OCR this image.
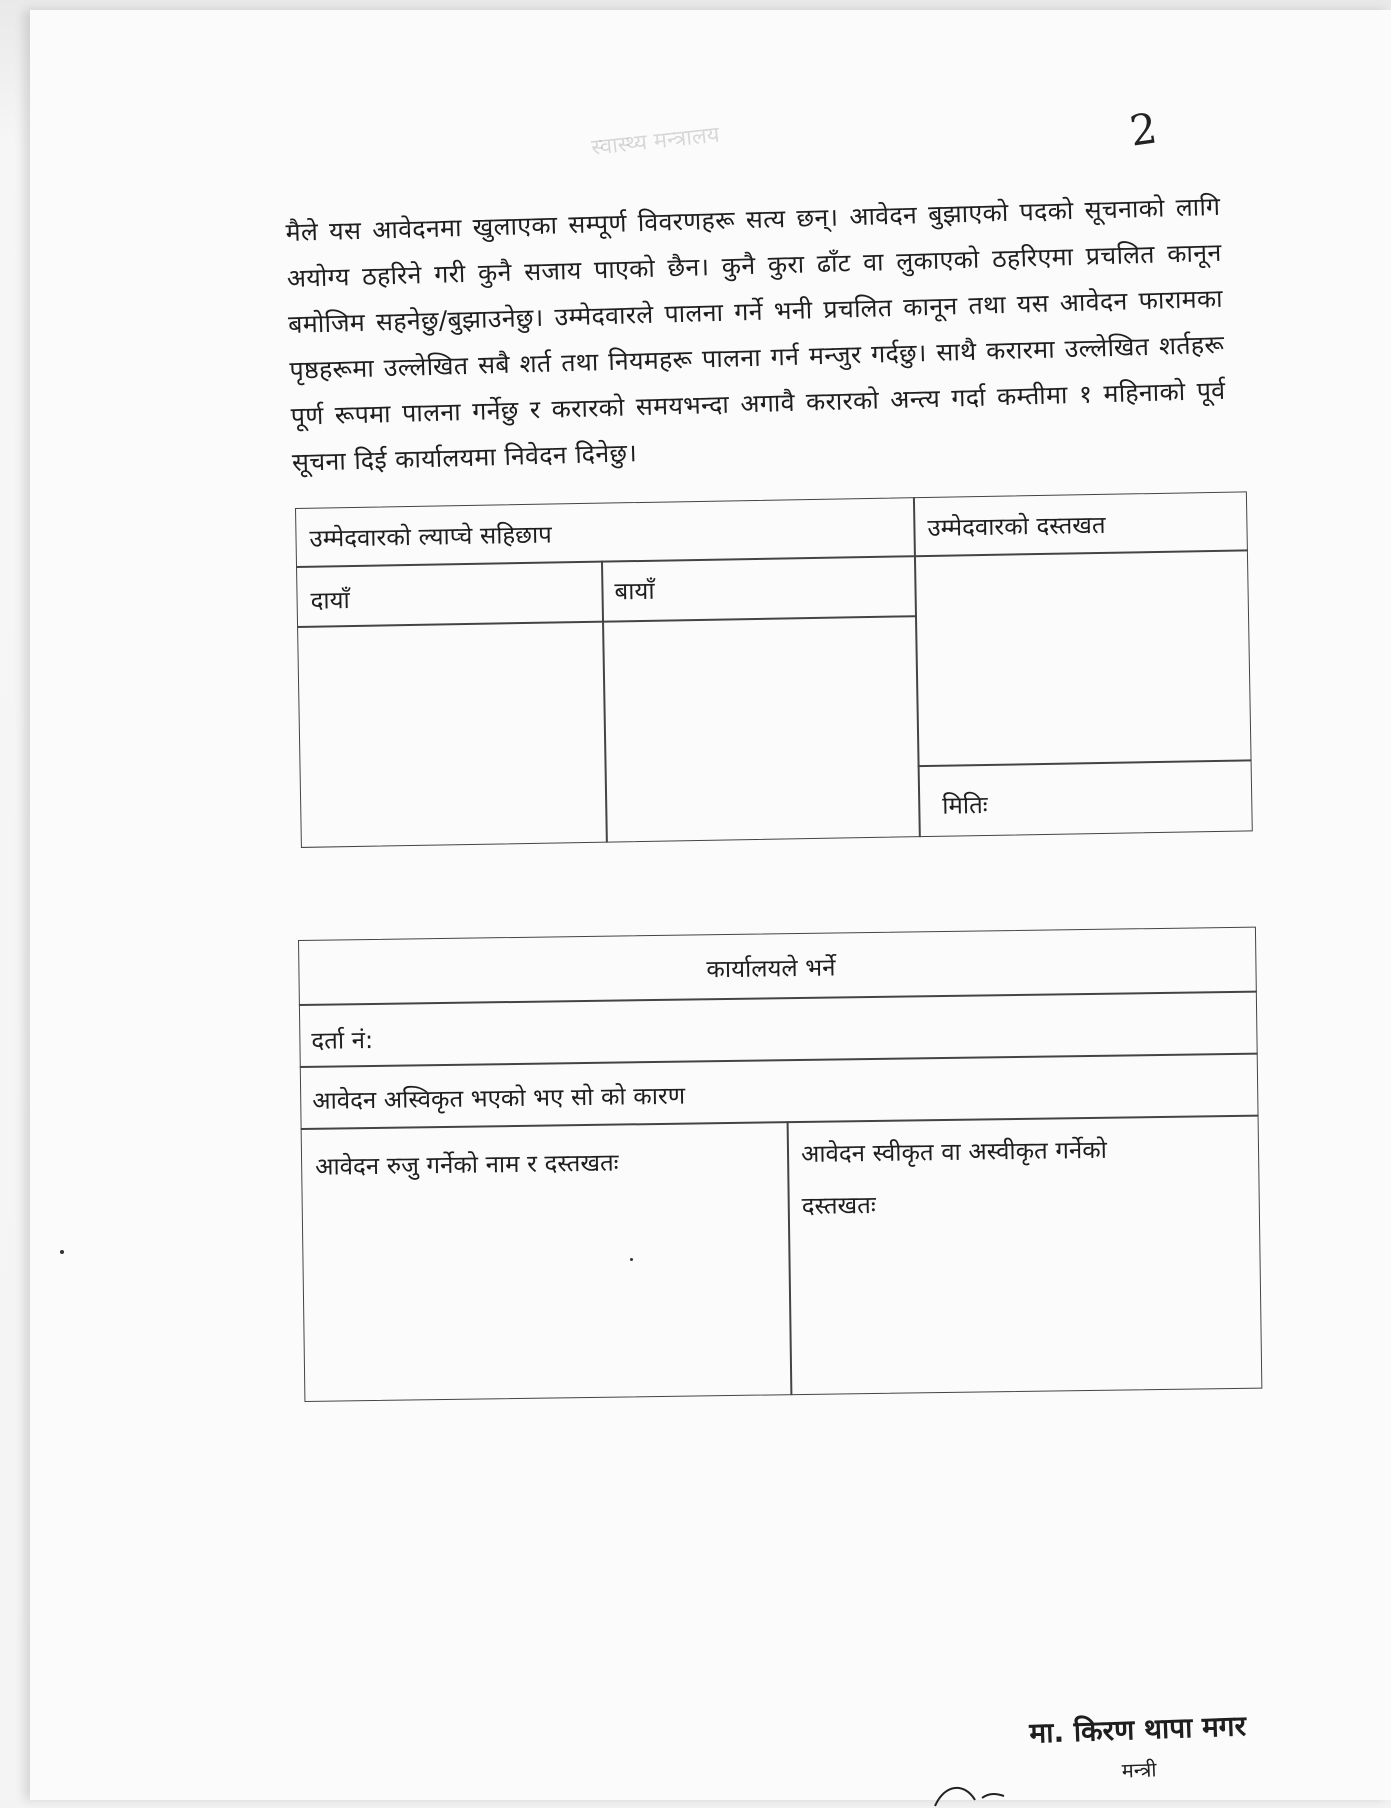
2
स्वास्थ्य मन्त्रालय

मैले यस आवेदनमा खुलाएका सम्पूर्ण विवरणहरू सत्य छन्। आवेदन बुझाएको पदको सूचनाको लागि अयोग्य ठहरिने गरी कुनै सजाय पाएको छैन। कुनै कुरा ढाँट वा लुकाएको ठहरिएमा प्रचलित कानून बमोजिम सहनेछु/बुझाउनेछु। उम्मेदवारले पालना गर्ने भनी प्रचलित कानून तथा यस आवेदन फारामका पृष्ठहरूमा उल्लेखित सबै शर्त तथा नियमहरू पालना गर्न मन्जुर गर्दछु। साथै करारमा उल्लेखित शर्तहरू पूर्ण रूपमा पालना गर्नेछु र करारको समयभन्दा अगावै करारको अन्त्य गर्दा कम्तीमा १ महिनाको पूर्व सूचना दिई कार्यालयमा निवेदन दिनेछु।

उम्मेदवारको ल्याप्चे सहिछाप	उम्मेदवारको दस्तखत
दायाँ	बायाँ
मितिः
कार्यालयले भर्ने
दर्ता नं:
आवेदन अस्विकृत भएको भए सो को कारण
आवेदन रुजु गर्नेको नाम र दस्तखतः	आवेदन स्वीकृत वा अस्वीकृत गर्नेको
दस्तखतः
मा. किरण थापा मगर
मन्त्री
